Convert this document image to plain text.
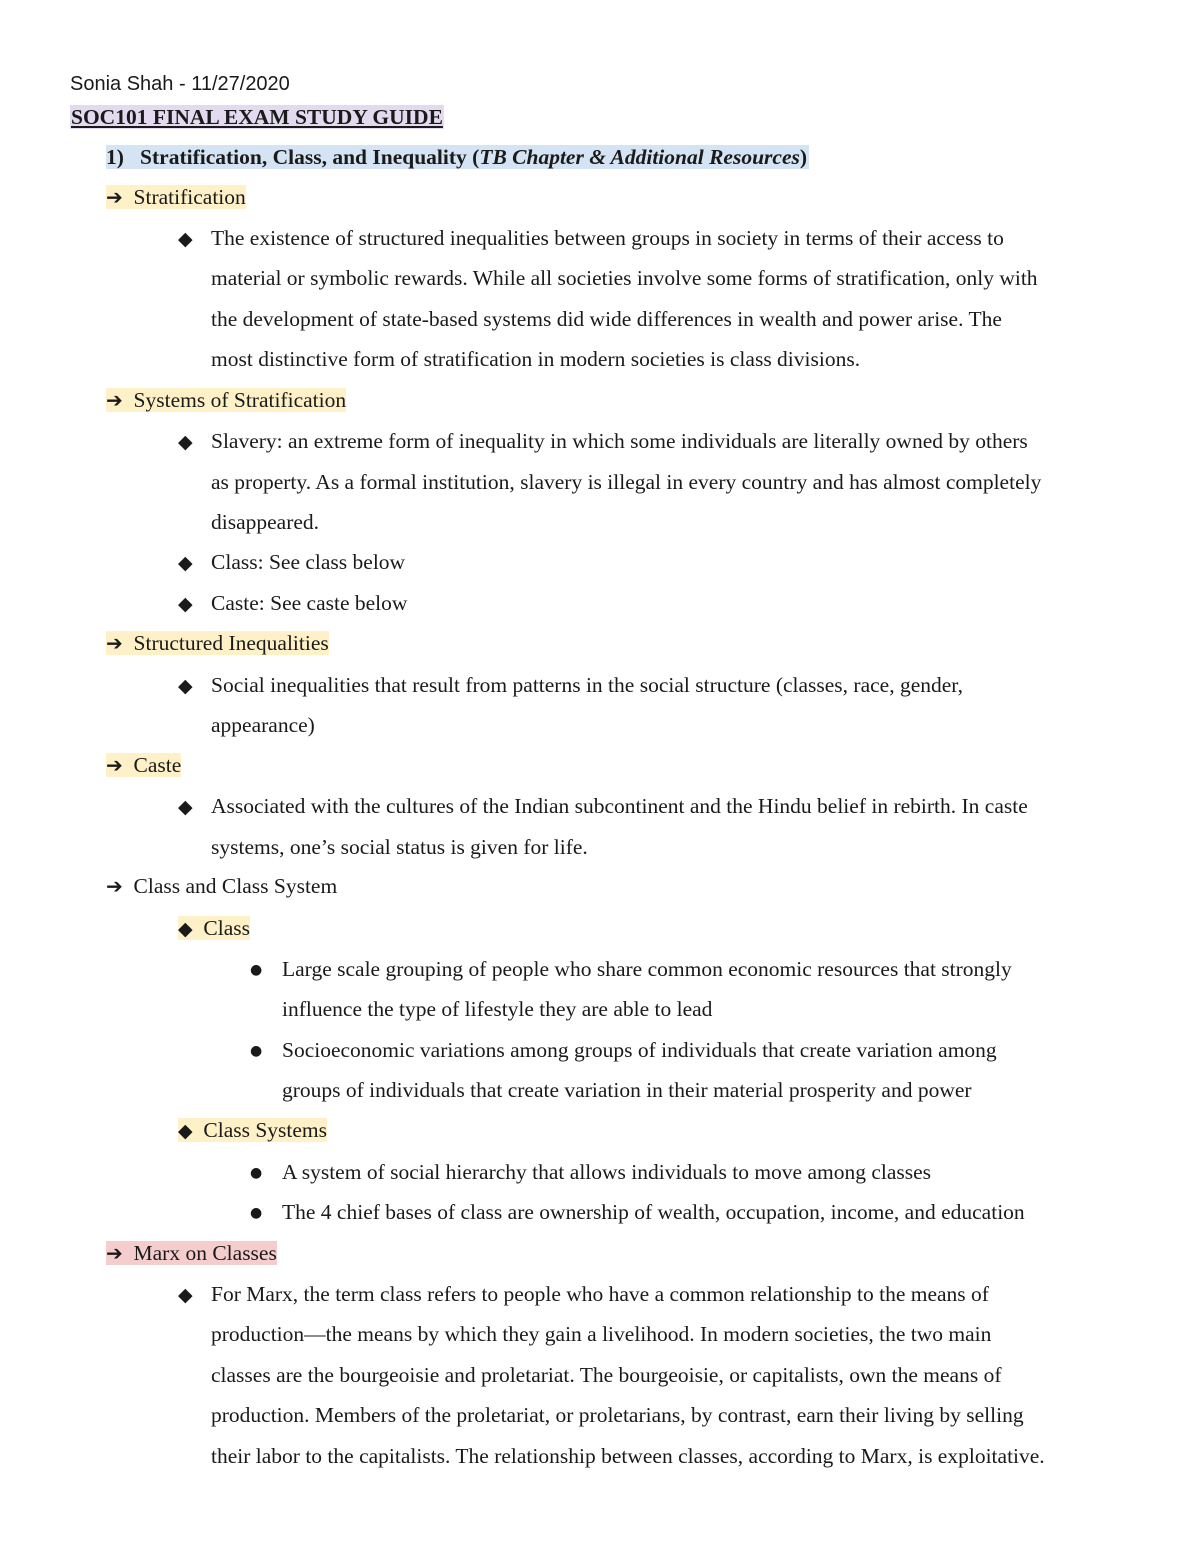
Sonia Shah - 11/27/2020
SOC101 FINAL EXAM STUDY GUIDE
1) Stratification, Class, and Inequality (TB Chapter & Additional Resources)
➔ Stratification
◆ The existence of structured inequalities between groups in society in terms of their access to
material or symbolic rewards. While all societies involve some forms of stratification, only with
the development of state-based systems did wide differences in wealth and power arise. The
most distinctive form of stratification in modern societies is class divisions.
➔ Systems of Stratification
◆ Slavery: an extreme form of inequality in which some individuals are literally owned by others
as property. As a formal institution, slavery is illegal in every country and has almost completely
disappeared.
◆ Class: See class below
◆ Caste: See caste below
➔ Structured Inequalities
◆ Social inequalities that result from patterns in the social structure (classes, race, gender,
appearance)
➔ Caste
◆ Associated with the cultures of the Indian subcontinent and the Hindu belief in rebirth. In caste
systems, one’s social status is given for life.
➔ Class and Class System
◆ Class
● Large scale grouping of people who share common economic resources that strongly
influence the type of lifestyle they are able to lead
● Socioeconomic variations among groups of individuals that create variation among
groups of individuals that create variation in their material prosperity and power
◆ Class Systems
● A system of social hierarchy that allows individuals to move among classes
● The 4 chief bases of class are ownership of wealth, occupation, income, and education
➔ Marx on Classes
◆ For Marx, the term class refers to people who have a common relationship to the means of
production—the means by which they gain a livelihood. In modern societies, the two main
classes are the bourgeoisie and proletariat. The bourgeoisie, or capitalists, own the means of
production. Members of the proletariat, or proletarians, by contrast, earn their living by selling
their labor to the capitalists. The relationship between classes, according to Marx, is exploitative.
